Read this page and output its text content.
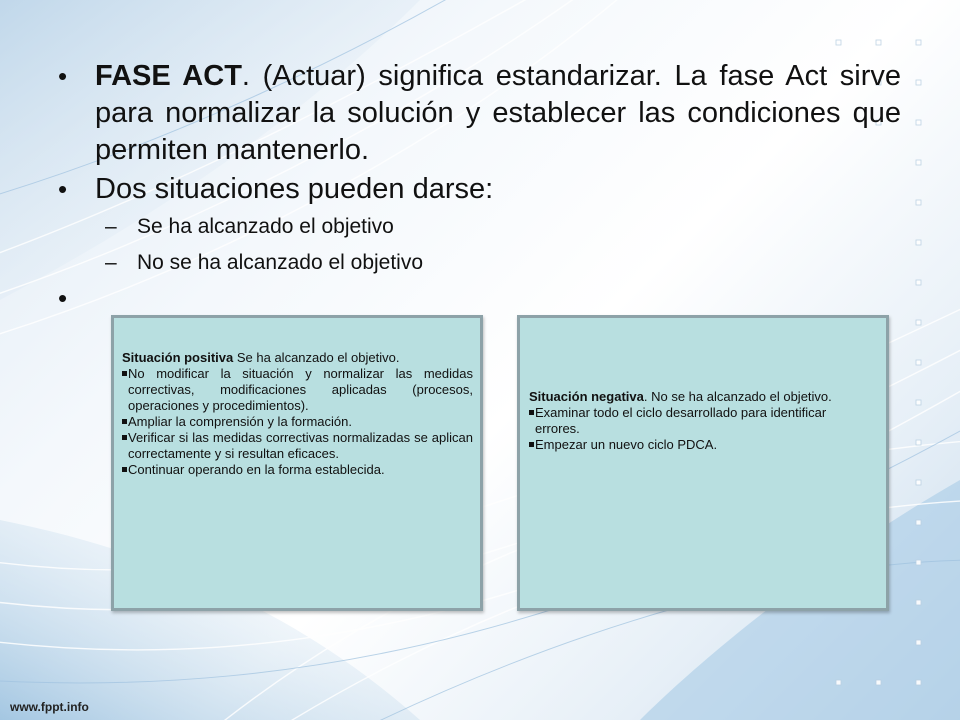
• FASE ACT. (Actuar) significa estandarizar. La fase Act sirve para normalizar la solución y establecer las condiciones que permiten mantenerlo.
• Dos situaciones pueden darse:
– Se ha alcanzado el objetivo
– No se ha alcanzado el objetivo
•
Situación positiva Se ha alcanzado el objetivo.
No modificar la situación y normalizar las medidas correctivas, modificaciones aplicadas (procesos, operaciones y procedimientos).
Ampliar la comprensión y la formación.
Verificar si las medidas correctivas normalizadas se aplican correctamente y si resultan eficaces.
Continuar operando en la forma establecida.
Situación negativa. No se ha alcanzado el objetivo.
Examinar todo el ciclo desarrollado para identificar errores.
Empezar un nuevo ciclo PDCA.
www.fppt.info
